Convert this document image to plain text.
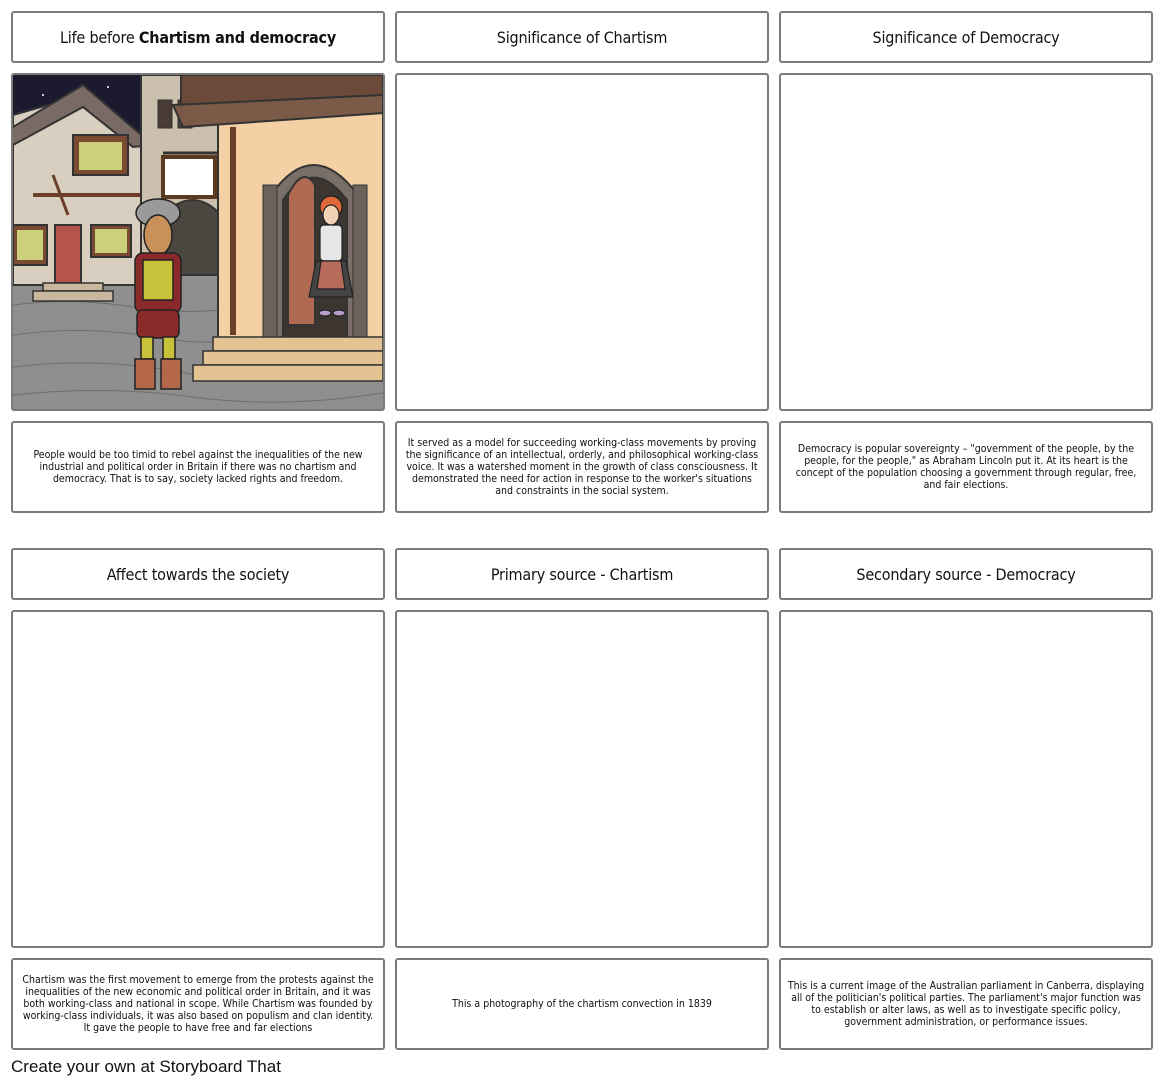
Life before Chartism and democracy	Significance of Chartism	Significance of Democracy
People would be too timid to rebel against the inequalities of the new industrial and political order in Britain if there was no chartism and democracy. That is to say, society lacked rights and freedom.
It served as a model for succeeding working-class movements by proving the significance of an intellectual, orderly, and philosophical working-class voice. It was a watershed moment in the growth of class consciousness. It demonstrated the need for action in response to the worker's situations and constraints in the social system.
Democracy is popular sovereignty – "government of the people, by the people, for the people," as Abraham Lincoln put it. At its heart is the concept of the population choosing a government through regular, free, and fair elections.
Affect towards the society	Primary source - Chartism	Secondary source - Democracy
Chartism was the first movement to emerge from the protests against the inequalities of the new economic and political order in Britain, and it was both working-class and national in scope. While Chartism was founded by working-class individuals, it was also based on populism and clan identity. It gave the people to have free and far elections
This a photography of the chartism convection in 1839
This is a current image of the Australian parliament in Canberra, displaying all of the politician's political parties. The parliament's major function was to establish or alter laws, as well as to investigate specific policy, government administration, or performance issues.
Create your own at Storyboard That
